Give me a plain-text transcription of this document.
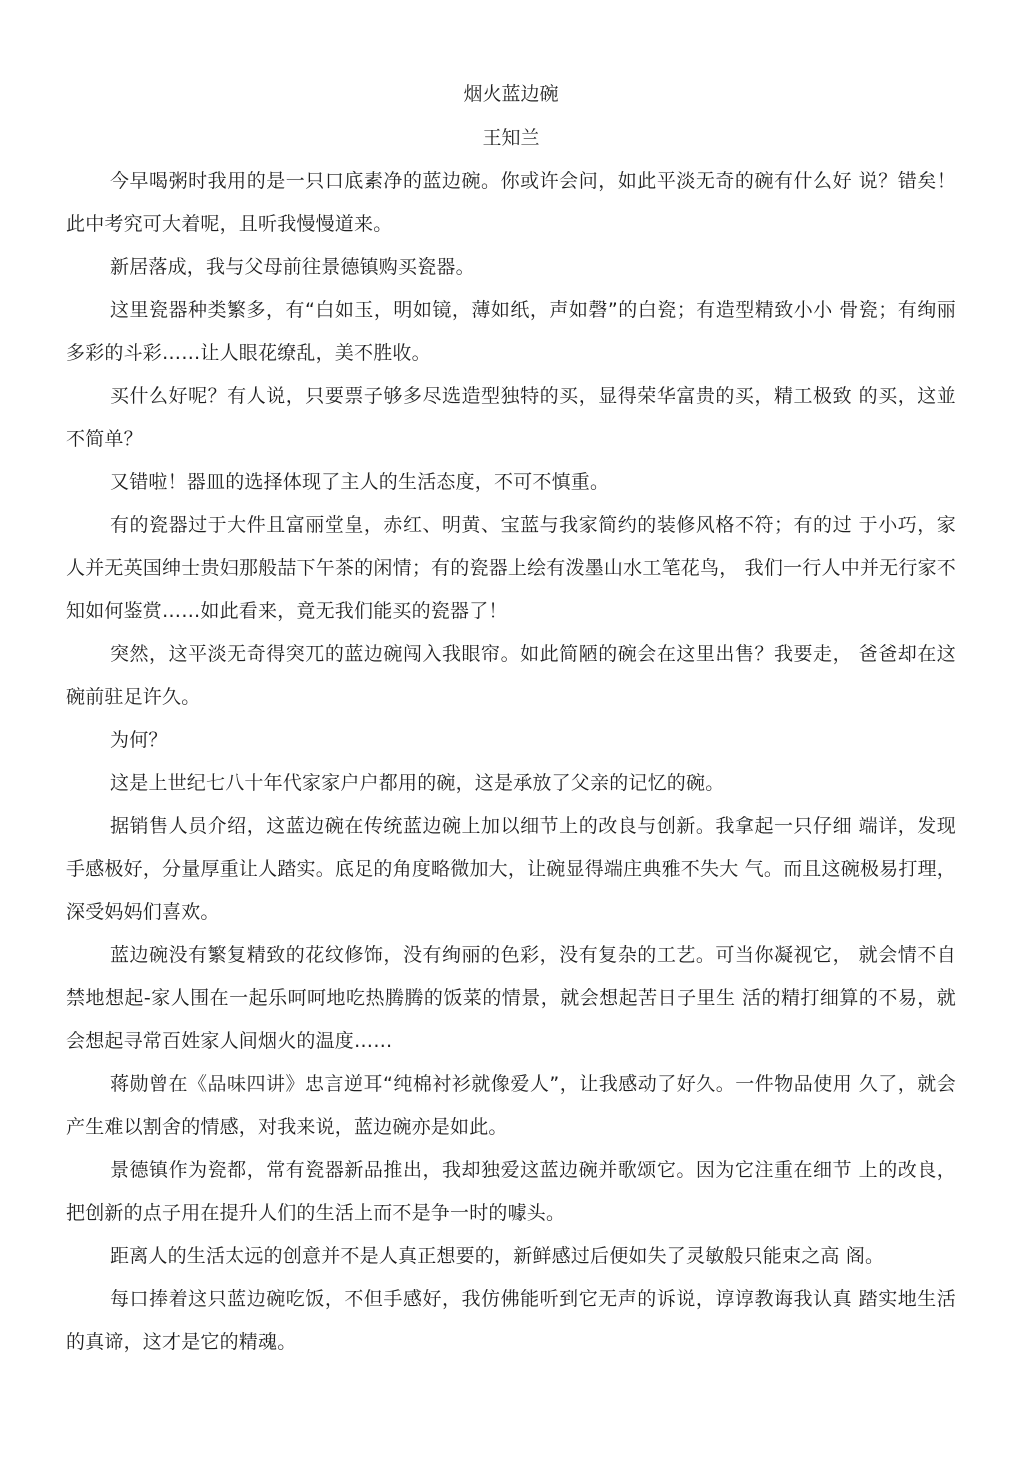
烟火蓝边碗
王知兰

今早喝粥时我用的是一只口底素净的蓝边碗。你或许会问，如此平淡无奇的碗有什么好 说？错矣！此中考究可大着呢，且听我慢慢道来。

新居落成，我与父母前往景德镇购买瓷器。

这里瓷器种类繁多，有“白如玉，明如镜，薄如纸，声如磬”的白瓷；有造型精致小小 骨瓷；有绚丽多彩的斗彩……让人眼花缭乱，美不胜收。

买什么好呢？有人说，只要票子够多尽选造型独特的买，显得荣华富贵的买，精工极致 的买，这並不简单？

又错啦！器皿的选择体现了主人的生活态度，不可不慎重。

有的瓷器过于大件且富丽堂皇，赤红、明黄、宝蓝与我家简约的装修风格不符；有的过 于小巧，家人并无英国绅士贵妇那般喆下午茶的闲情；有的瓷器上绘有泼墨山水工笔花鸟， 我们一行人中并无行家不知如何鉴赏……如此看来，竟无我们能买的瓷器了！

突然，这平淡无奇得突兀的蓝边碗闯入我眼帘。如此简陋的碗会在这里出售？我要走， 爸爸却在这碗前驻足许久。

为何？

这是上世纪七八十年代家家户户都用的碗，这是承放了父亲的记忆的碗。

据销售人员介绍，这蓝边碗在传统蓝边碗上加以细节上的改良与创新。我拿起一只仔细 端详，发现手感极好，分量厚重让人踏实。底足的角度略微加大，让碗显得端庄典雅不失大 气。而且这碗极易打理，深受妈妈们喜欢。

蓝边碗没有繁复精致的花纹修饰，没有绚丽的色彩，没有复杂的工艺。可当你凝视它， 就会情不自禁地想起-家人围在一起乐呵呵地吃热腾腾的饭菜的情景，就会想起苦日子里生 活的精打细算的不易，就会想起寻常百姓家人间烟火的温度……

蒋勋曾在《品味四讲》忠言逆耳“纯棉衬衫就像爱人”，让我感动了好久。一件物品使用 久了，就会产生难以割舍的情感，对我来说，蓝边碗亦是如此。

景德镇作为瓷都，常有瓷器新品推出，我却独爱这蓝边碗并歌颂它。因为它注重在细节 上的改良，把创新的点子用在提升人们的生活上而不是争一时的噱头。

距离人的生活太远的创意并不是人真正想要的，新鲜感过后便如失了灵敏般只能束之高 阁。

每口捧着这只蓝边碗吃饭，不但手感好，我仿佛能听到它无声的诉说，谆谆教诲我认真 踏实地生活的真谛，这才是它的精魂。
